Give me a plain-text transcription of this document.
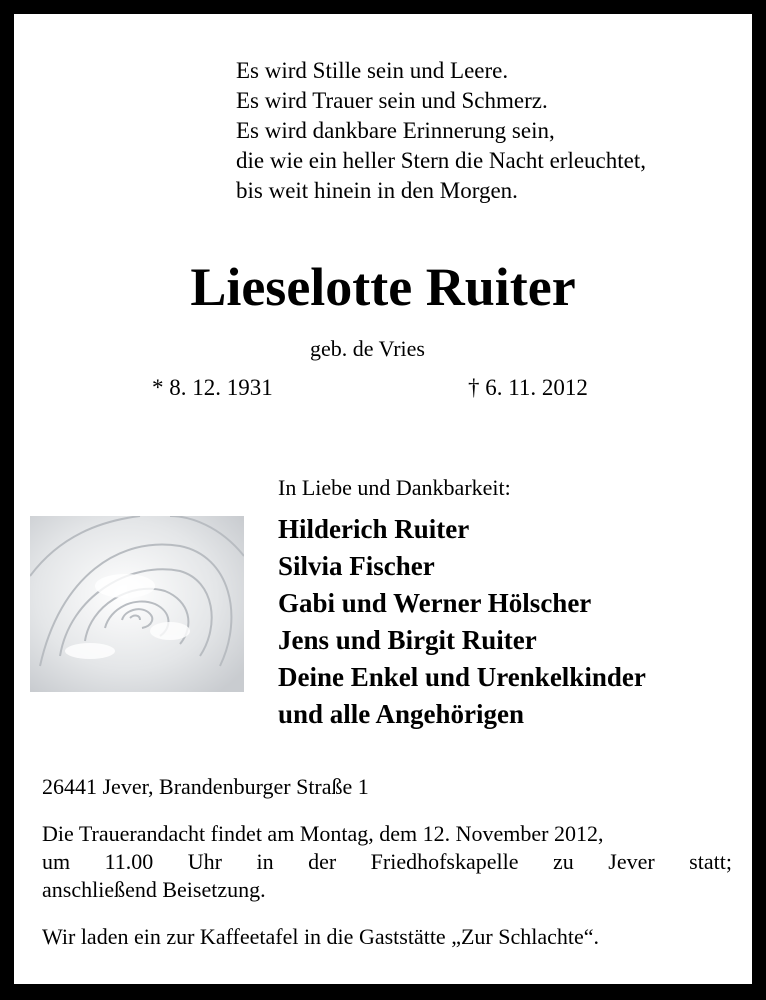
Es wird Stille sein und Leere.
Es wird Trauer sein und Schmerz.
Es wird dankbare Erinnerung sein,
die wie ein heller Stern die Nacht erleuchtet,
bis weit hinein in den Morgen.
Lieselotte Ruiter
geb. de Vries
* 8. 12. 1931	† 6. 11. 2012
In Liebe und Dankbarkeit:
Hilderich Ruiter
Silvia Fischer
Gabi und Werner Hölscher
Jens und Birgit Ruiter
Deine Enkel und Urenkelkinder
und alle Angehörigen
26441 Jever, Brandenburger Straße 1
Die Trauerandacht findet am Montag, dem 12. November 2012,
um 11.00 Uhr in der Friedhofskapelle zu Jever statt;
anschließend Beisetzung.
Wir laden ein zur Kaffeetafel in die Gaststätte „Zur Schlachte“.
